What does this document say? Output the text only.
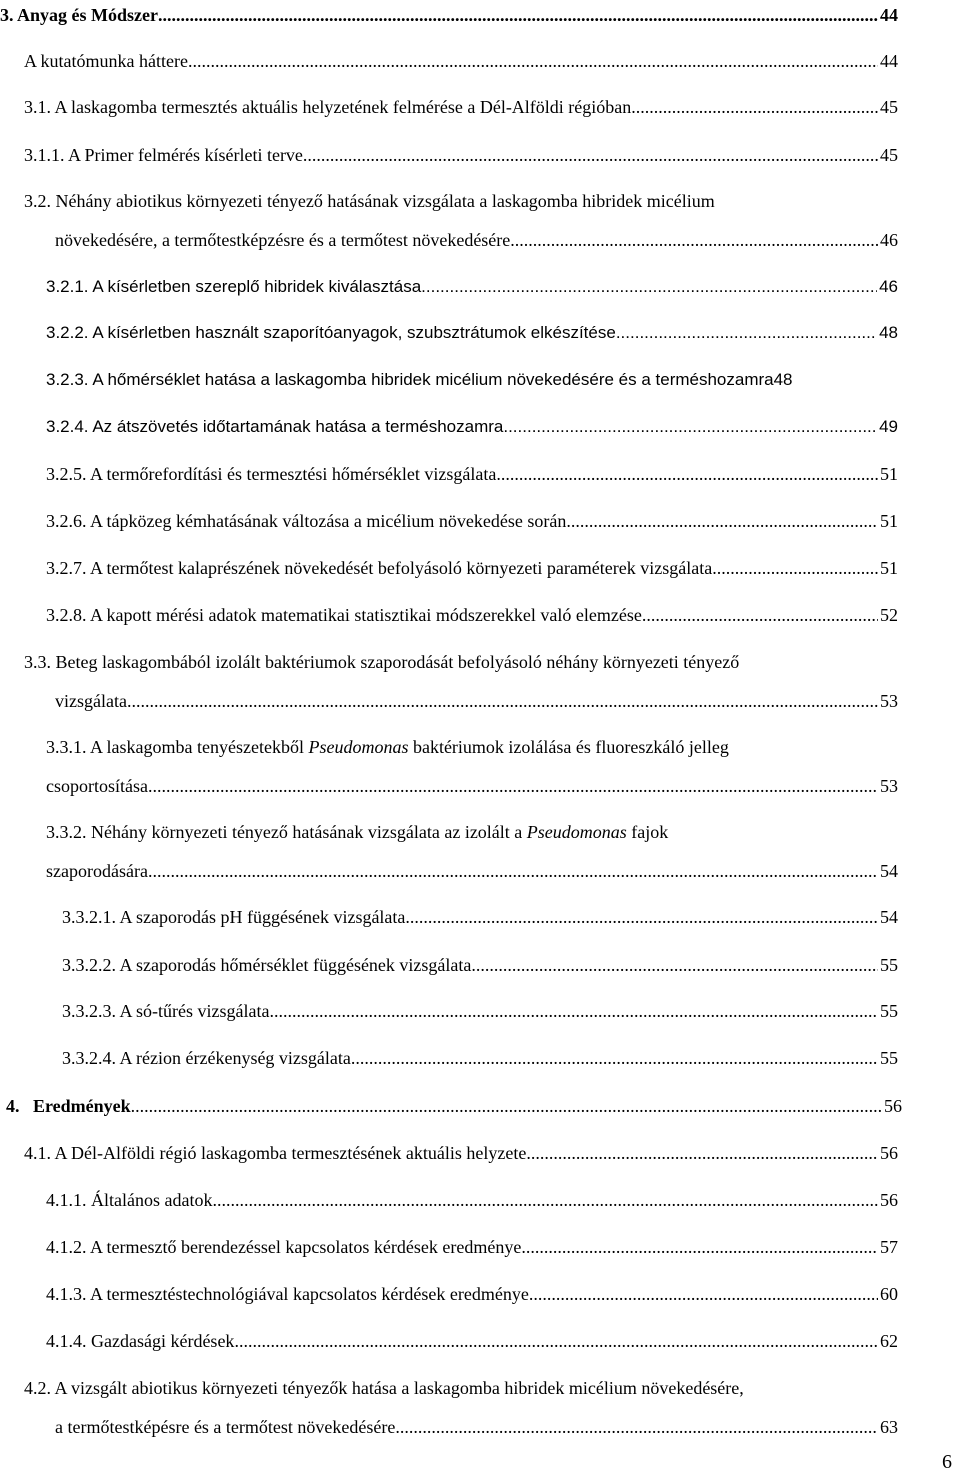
3. Anyag és Módszer .....	44
A kutatómunka háttere .....	44
3.1. A laskagomba termesztés aktuális helyzetének felmérése a Dél-Alföldi régióban .....	45
3.1.1. A Primer felmérés kísérleti terve .....	45
3.2. Néhány abiotikus környezeti tényező hatásának vizsgálata a laskagomba hibridek micélium
növekedésére, a termőtestképzésre és a termőtest növekedésére .....	46
3.2.1. A kísérletben szereplő hibridek kiválasztása .....	46
3.2.2. A kísérletben használt szaporítóanyagok, szubsztrátumok elkészítése .....	48
3.2.3. A hőmérséklet hatása a laskagomba hibridek micélium növekedésére és a terméshozamra48
3.2.4. Az átszövetés időtartamának hatása a terméshozamra .....	49
3.2.5. A termőrefordítási és termesztési hőmérséklet vizsgálata .....	51
3.2.6. A tápközeg kémhatásának változása a micélium növekedése során .....	51
3.2.7. A termőtest kalaprészének növekedését befolyásoló környezeti paraméterek vizsgálata .....	51
3.2.8. A kapott mérési adatok matematikai statisztikai módszerekkel való elemzése .....	52
3.3. Beteg laskagombából izolált baktériumok szaporodását befolyásoló néhány környezeti tényező
vizsgálata .....	53
3.3.1. A laskagomba tenyészetekből Pseudomonas baktériumok izolálása és fluoreszkáló jelleg
csoportosítása .....	53
3.3.2. Néhány környezeti tényező hatásának vizsgálata az izolált a Pseudomonas fajok
szaporodására .....	54
3.3.2.1. A szaporodás pH függésének vizsgálata .....	54
3.3.2.2. A szaporodás hőmérséklet függésének vizsgálata .....	55
3.3.2.3. A só-tűrés vizsgálata .....	55
3.3.2.4. A rézion érzékenység vizsgálata .....	55
4.   Eredmények .....	56
4.1. A Dél-Alföldi régió laskagomba termesztésének aktuális helyzete .....	56
4.1.1. Általános adatok .....	56
4.1.2. A termesztő berendezéssel kapcsolatos kérdések eredménye .....	57
4.1.3. A termesztéstechnológiával kapcsolatos kérdések eredménye .....	60
4.1.4. Gazdasági kérdések .....	62
4.2. A vizsgált abiotikus környezeti tényezők hatása a laskagomba hibridek micélium növekedésére,
a termőtestképésre és a termőtest növekedésére .....	63
6
